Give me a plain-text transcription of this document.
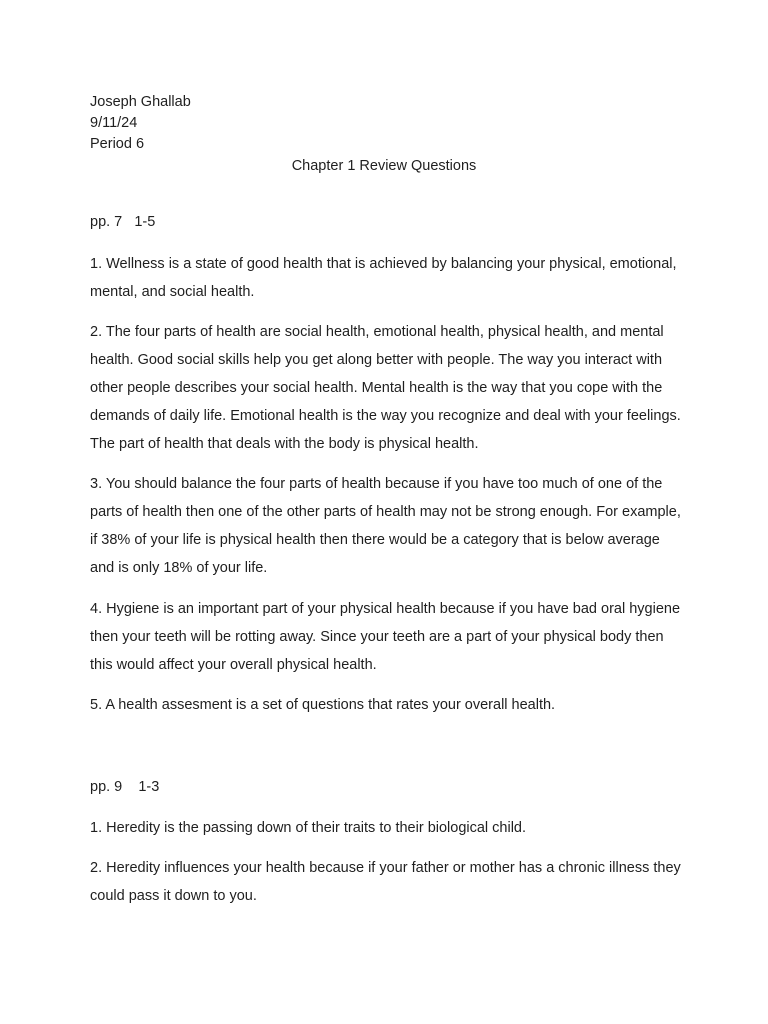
Joseph Ghallab
9/11/24
Period 6
Chapter 1 Review Questions
pp. 7   1-5
1. Wellness is a state of good health that is achieved by balancing your physical, emotional, mental, and social health.
2. The four parts of health are social health, emotional health, physical health, and mental health. Good social skills help you get along better with people. The way you interact with other people describes your social health. Mental health is the way that you cope with the demands of daily life. Emotional health is the way you recognize and deal with your feelings. The part of health that deals with the body is physical health.
3. You should balance the four parts of health because if you have too much of one of the parts of health then one of the other parts of health may not be strong enough. For example, if 38% of your life is physical health then there would be a category that is below average and is only 18% of your life.
4. Hygiene is an important part of your physical health because if you have bad oral hygiene then your teeth will be rotting away. Since your teeth are a part of your physical body then this would affect your overall physical health.
5. A health assesment is a set of questions that rates your overall health.
pp. 9    1-3
1. Heredity is the passing down of their traits to their biological child.
2. Heredity influences your health because if your father or mother has a chronic illness they could pass it down to you.
